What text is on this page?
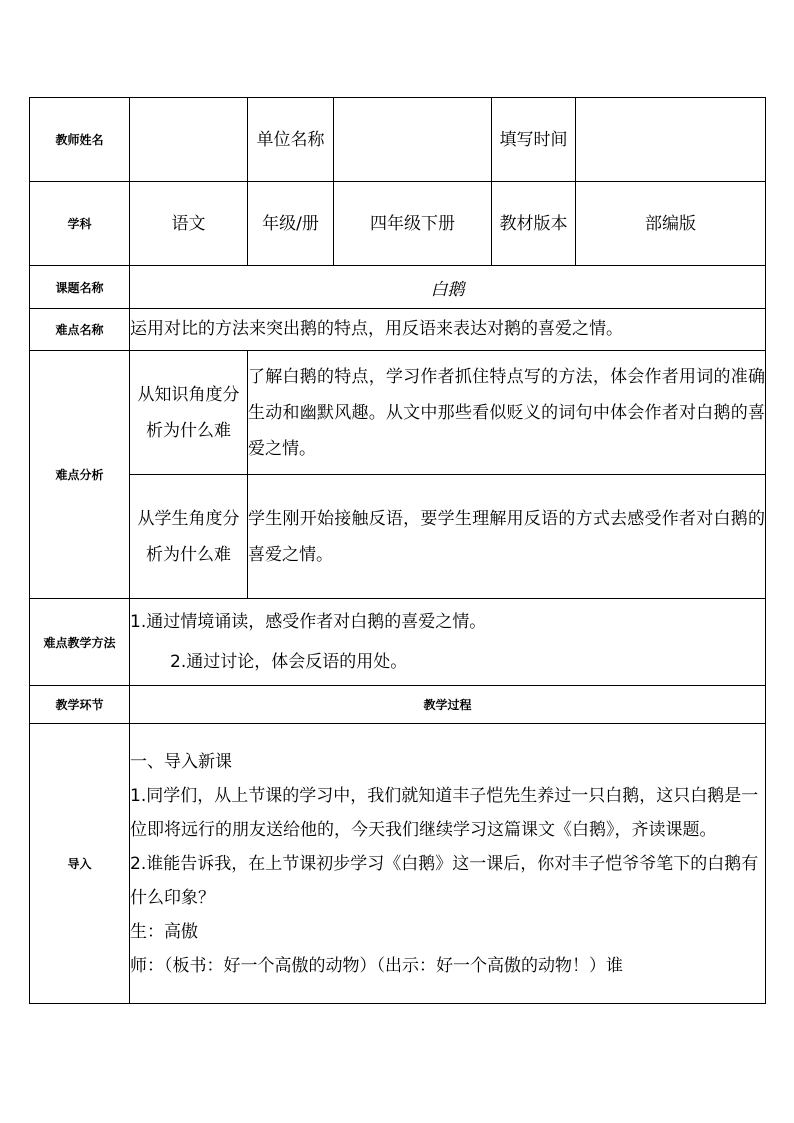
教师姓名		单位名称		填写时间	
学科	语文	年级/册	四年级下册	教材版本	部编版
课题名称	白鹅				
难点名称	运用对比的方法来突出鹅的特点，用反语来表达对鹅的喜爱之情。				
难点分析	从知识角度分析为什么难	了解白鹅的特点，学习作者抓住特点写的方法，体会作者用词的准确生动和幽默风趣。从文中那些看似贬义的词句中体会作者对白鹅的喜爱之情。			
	从学生角度分析为什么难	学生刚开始接触反语，要学生理解用反语的方式去感受作者对白鹅的喜爱之情。			
难点教学方法	1.通过情境诵读，感受作者对白鹅的喜爱之情。
2.通过讨论，体会反语的用处。				

教学环节	教学过程				
导入	一、导入新课

1.同学们，从上节课的学习中，我们就知道丰子恺先生养过一只白鹅，这只白鹅是一位即将远行的朋友送给他的，今天我们继续学习这篇课文《白鹅》，齐读课题。

2.谁能告诉我，在上节课初步学习《白鹅》这一课后，你对丰子恺爷爷笔下的白鹅有什么印象？

生：高傲

师：（板书：好一个高傲的动物）（出示：好一个高傲的动物！）谁				
